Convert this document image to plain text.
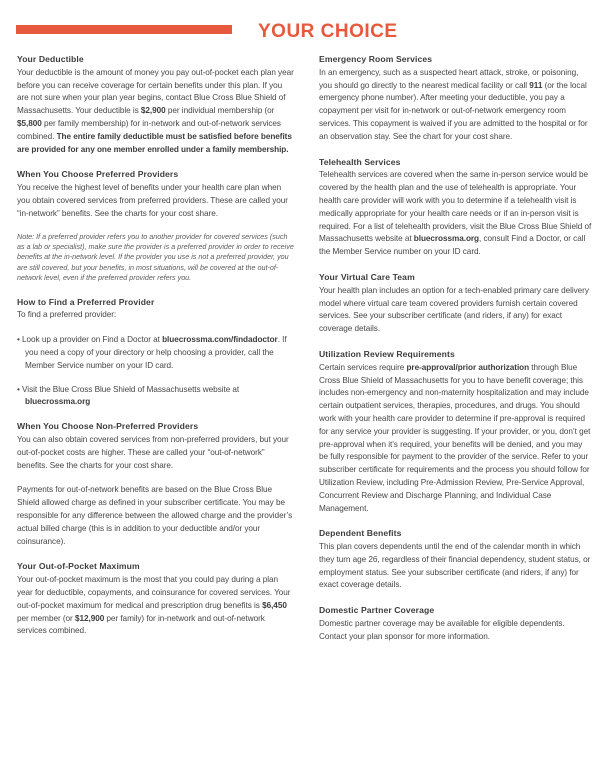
YOUR CHOICE
Your Deductible

Your deductible is the amount of money you pay out-of-pocket each plan year before you can receive coverage for certain benefits under this plan. If you are not sure when your plan year begins, contact Blue Cross Blue Shield of Massachusetts. Your deductible is $2,900 per individual membership (or $5,800 per family membership) for in-network and out-of-network services combined. The entire family deductible must be satisfied before benefits are provided for any one member enrolled under a family membership.

When You Choose Preferred Providers

You receive the highest level of benefits under your health care plan when you obtain covered services from preferred providers. These are called your “in-network” benefits. See the charts for your cost share.

Note: If a preferred provider refers you to another provider for covered services (such as a lab or specialist), make sure the provider is a preferred provider in order to receive benefits at the in-network level. If the provider you use is not a preferred provider, you are still covered, but your benefits, in most situations, will be covered at the out-of-network level, even if the preferred provider refers you.

How to Find a Preferred Provider

To find a preferred provider:

• Look up a provider on Find a Doctor at bluecrossma.com/findadoctor. If you need a copy of your directory or help choosing a provider, call the Member Service number on your ID card.

• Visit the Blue Cross Blue Shield of Massachusetts website at bluecrossma.org

When You Choose Non-Preferred Providers

You can also obtain covered services from non-preferred providers, but your out-of-pocket costs are higher. These are called your “out-of-network” benefits. See the charts for your cost share.

Payments for out-of-network benefits are based on the Blue Cross Blue Shield allowed charge as defined in your subscriber certificate. You may be responsible for any difference between the allowed charge and the provider’s actual billed charge (this is in addition to your deductible and/or your coinsurance).

Your Out-of-Pocket Maximum

Your out-of-pocket maximum is the most that you could pay during a plan year for deductible, copayments, and coinsurance for covered services. Your out-of-pocket maximum for medical and prescription drug benefits is $6,450 per member (or $12,900 per family) for in-network and out-of-network services combined.

Emergency Room Services

In an emergency, such as a suspected heart attack, stroke, or poisoning, you should go directly to the nearest medical facility or call 911 (or the local emergency phone number). After meeting your deductible, you pay a copayment per visit for in-network or out-of-network emergency room services. This copayment is waived if you are admitted to the hospital or for an observation stay. See the chart for your cost share.

Telehealth Services

Telehealth services are covered when the same in-person service would be covered by the health plan and the use of telehealth is appropriate. Your health care provider will work with you to determine if a telehealth visit is medically appropriate for your health care needs or if an in-person visit is required. For a list of telehealth providers, visit the Blue Cross Blue Shield of Massachusetts website at bluecrossma.org, consult Find a Doctor, or call the Member Service number on your ID card.

Your Virtual Care Team

Your health plan includes an option for a tech-enabled primary care delivery model where virtual care team covered providers furnish certain covered services. See your subscriber certificate (and riders, if any) for exact coverage details.

Utilization Review Requirements

Certain services require pre-approval/prior authorization through Blue Cross Blue Shield of Massachusetts for you to have benefit coverage; this includes non-emergency and non-maternity hospitalization and may include certain outpatient services, therapies, procedures, and drugs. You should work with your health care provider to determine if pre-approval is required for any service your provider is suggesting. If your provider, or you, don’t get pre-approval when it’s required, your benefits will be denied, and you may be fully responsible for payment to the provider of the service. Refer to your subscriber certificate for requirements and the process you should follow for Utilization Review, including Pre-Admission Review, Pre-Service Approval, Concurrent Review and Discharge Planning, and Individual Case Management.

Dependent Benefits

This plan covers dependents until the end of the calendar month in which they turn age 26, regardless of their financial dependency, student status, or employment status. See your subscriber certificate (and riders, if any) for exact coverage details.

Domestic Partner Coverage

Domestic partner coverage may be available for eligible dependents. Contact your plan sponsor for more information.
